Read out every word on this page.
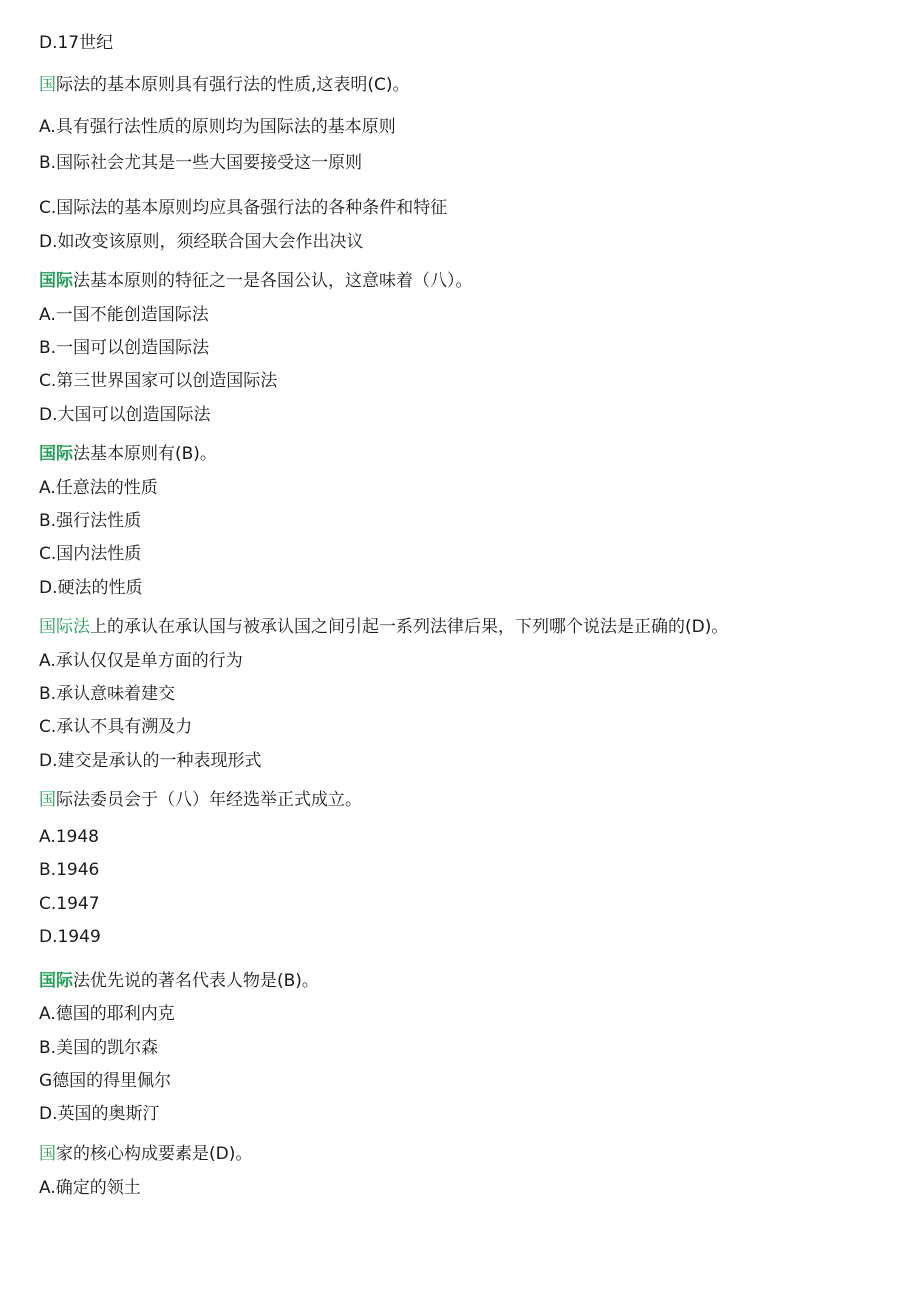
D.17世纪
国际法的基本原则具有强行法的性质,这表明(C)。
A.具有强行法性质的原则均为国际法的基本原则
B.国际社会尤其是一些大国要接受这一原则
C.国际法的基本原则均应具备强行法的各种条件和特征
D.如改变该原则，须经联合国大会作出决议
国际法基本原则的特征之一是各国公认，这意味着（八）。
A.一国不能创造国际法
B.一国可以创造国际法
C.第三世界国家可以创造国际法
D.大国可以创造国际法
国际法基本原则有(B)。
A.任意法的性质
B.强行法性质
C.国内法性质
D.硬法的性质
国际法上的承认在承认国与被承认国之间引起一系列法律后果，下列哪个说法是正确的(D)。
A.承认仅仅是单方面的行为
B.承认意味着建交
C.承认不具有溯及力
D.建交是承认的一种表现形式
国际法委员会于（八）年经选举正式成立。
A.1948
B.1946
C.1947
D.1949
国际法优先说的著名代表人物是(B)。
A.德国的耶利内克
B.美国的凯尔森
G德国的得里佩尔
D.英国的奥斯汀
国家的核心构成要素是(D)。
A.确定的领土
